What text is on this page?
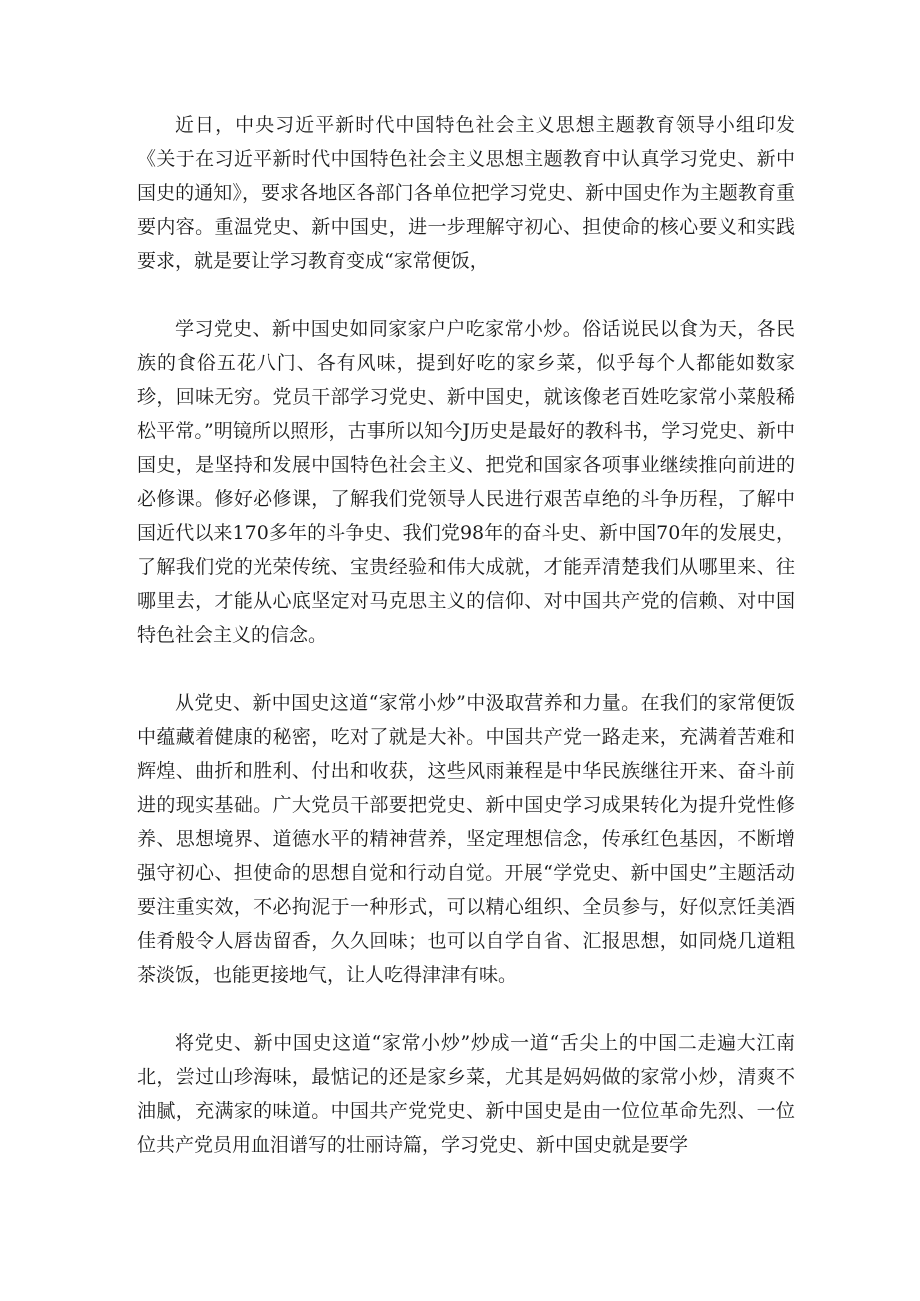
近日，中央习近平新时代中国特色社会主义思想主题教育领导小组印发《关于在习近平新时代中国特色社会主义思想主题教育中认真学习党史、新中国史的通知》，要求各地区各部门各单位把学习党史、新中国史作为主题教育重要内容。重温党史、新中国史，进一步理解守初心、担使命的核心要义和实践要求，就是要让学习教育变成“家常便饭，

学习党史、新中国史如同家家户户吃家常小炒。俗话说民以食为天，各民族的食俗五花八门、各有风味，提到好吃的家乡菜，似乎每个人都能如数家珍，回味无穷。党员干部学习党史、新中国史，就该像老百姓吃家常小菜般稀松平常。”明镜所以照形，古事所以知今J历史是最好的教科书，学习党史、新中国史，是坚持和发展中国特色社会主义、把党和国家各项事业继续推向前进的必修课。修好必修课，了解我们党领导人民进行艰苦卓绝的斗争历程，了解中国近代以来170多年的斗争史、我们党98年的奋斗史、新中国70年的发展史，了解我们党的光荣传统、宝贵经验和伟大成就，才能弄清楚我们从哪里来、往哪里去，才能从心底坚定对马克思主义的信仰、对中国共产党的信赖、对中国特色社会主义的信念。

从党史、新中国史这道“家常小炒”中汲取营养和力量。在我们的家常便饭中蕴藏着健康的秘密，吃对了就是大补。中国共产党一路走来，充满着苦难和辉煌、曲折和胜利、付出和收获，这些风雨兼程是中华民族继往开来、奋斗前进的现实基础。广大党员干部要把党史、新中国史学习成果转化为提升党性修养、思想境界、道德水平的精神营养，坚定理想信念，传承红色基因，不断增强守初心、担使命的思想自觉和行动自觉。开展“学党史、新中国史”主题活动要注重实效，不必拘泥于一种形式，可以精心组织、全员参与，好似烹饪美酒佳肴般令人唇齿留香，久久回味；也可以自学自省、汇报思想，如同烧几道粗茶淡饭，也能更接地气，让人吃得津津有味。

将党史、新中国史这道“家常小炒”炒成一道“舌尖上的中国二走遍大江南北，尝过山珍海味，最惦记的还是家乡菜，尤其是妈妈做的家常小炒，清爽不油腻，充满家的味道。中国共产党党史、新中国史是由一位位革命先烈、一位位共产党员用血泪谱写的壮丽诗篇，学习党史、新中国史就是要学
